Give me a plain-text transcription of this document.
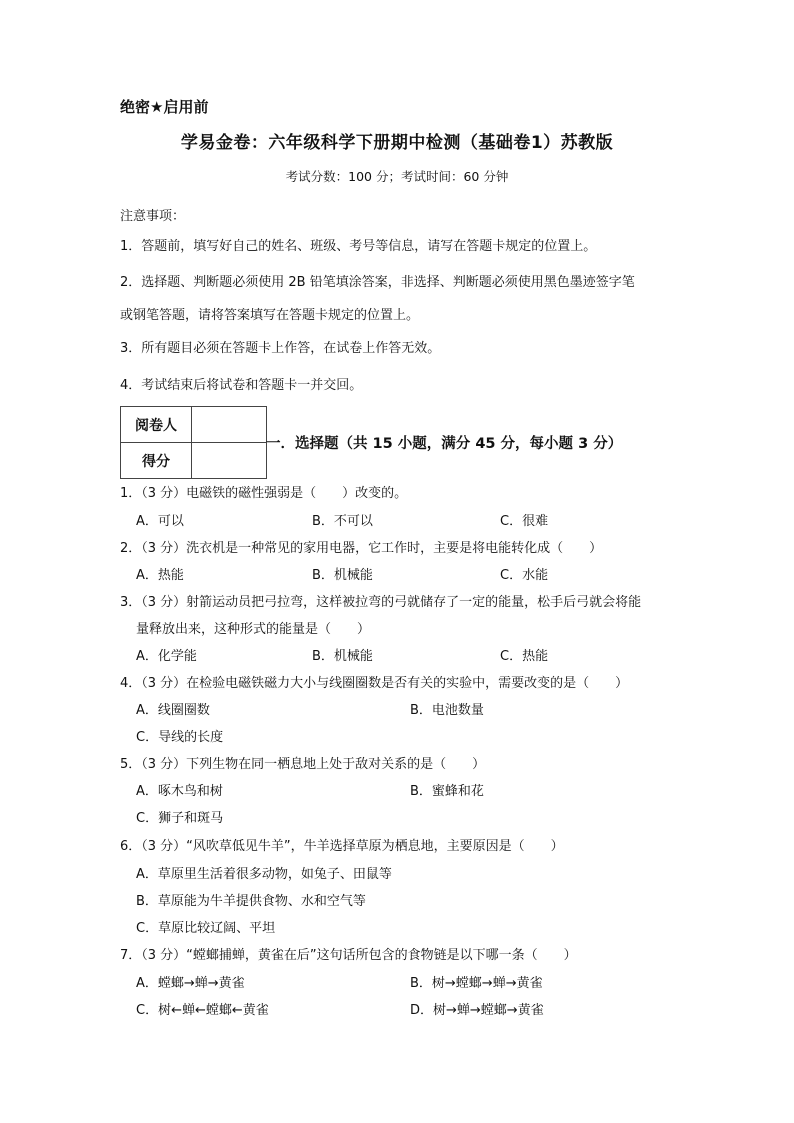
绝密★启用前
学易金卷：六年级科学下册期中检测（基础卷1）苏教版
考试分数：100 分；考试时间：60 分钟
注意事项：
1．答题前，填写好自己的姓名、班级、考号等信息，请写在答题卡规定的位置上。
2．选择题、判断题必须使用 2B 铅笔填涂答案，非选择、判断题必须使用黑色墨迹签字笔
或钢笔答题，请将答案填写在答题卡规定的位置上。
3．所有题目必须在答题卡上作答，在试卷上作答无效。
4．考试结束后将试卷和答题卡一并交回。
阅卷人	
得分	
一．选择题（共 15 小题，满分 45 分，每小题 3 分）
1．（3 分）电磁铁的磁性强弱是（　　）改变的。
A．可以	B．不可以	C．很难
2．（3 分）洗衣机是一种常见的家用电器，它工作时，主要是将电能转化成（　　）
A．热能	B．机械能	C．水能
3．（3 分）射箭运动员把弓拉弯，这样被拉弯的弓就储存了一定的能量，松手后弓就会将能
量释放出来，这种形式的能量是（　　）
A．化学能	B．机械能	C．热能
4．（3 分）在检验电磁铁磁力大小与线圈圈数是否有关的实验中，需要改变的是（　　）
A．线圈圈数	B．电池数量
C．导线的长度
5．（3 分）下列生物在同一栖息地上处于敌对关系的是（　　）
A．啄木鸟和树	B．蜜蜂和花
C．狮子和斑马
6．（3 分）“风吹草低见牛羊”，牛羊选择草原为栖息地，主要原因是（　　）
A．草原里生活着很多动物，如兔子、田鼠等
B．草原能为牛羊提供食物、水和空气等
C．草原比较辽阔、平坦
7．（3 分）“螳螂捕蝉，黄雀在后”这句话所包含的食物链是以下哪一条（　　）
A．螳螂→蝉→黄雀	B．树→螳螂→蝉→黄雀
C．树←蝉←螳螂←黄雀	D．树→蝉→螳螂→黄雀
